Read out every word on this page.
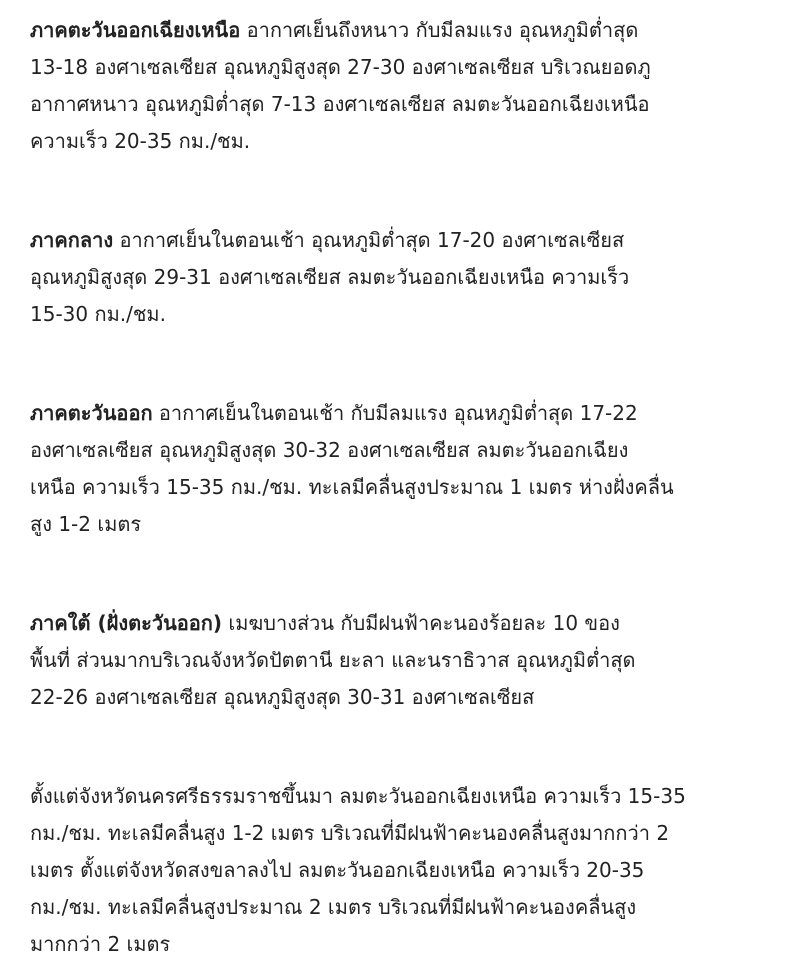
ภาคตะวันออกเฉียงเหนือ อากาศเย็นถึงหนาว กับมีลมแรง อุณหภูมิต่ำสุด
13-18 องศาเซลเซียส อุณหภูมิสูงสุด 27-30 องศาเซลเซียส บริเวณยอดภู
อากาศหนาว อุณหภูมิต่ำสุด 7-13 องศาเซลเซียส ลมตะวันออกเฉียงเหนือ
ความเร็ว 20-35 กม./ชม.

ภาคกลาง อากาศเย็นในตอนเช้า อุณหภูมิต่ำสุด 17-20 องศาเซลเซียส
อุณหภูมิสูงสุด 29-31 องศาเซลเซียส ลมตะวันออกเฉียงเหนือ ความเร็ว
15-30 กม./ชม.

ภาคตะวันออก อากาศเย็นในตอนเช้า กับมีลมแรง อุณหภูมิต่ำสุด 17-22
องศาเซลเซียส อุณหภูมิสูงสุด 30-32 องศาเซลเซียส ลมตะวันออกเฉียง
เหนือ ความเร็ว 15-35 กม./ชม. ทะเลมีคลื่นสูงประมาณ 1 เมตร ห่างฝั่งคลื่น
สูง 1-2 เมตร

ภาคใต้ (ฝั่งตะวันออก) เมฆบางส่วน กับมีฝนฟ้าคะนองร้อยละ 10 ของ
พื้นที่ ส่วนมากบริเวณจังหวัดปัตตานี ยะลา และนราธิวาส อุณหภูมิต่ำสุด
22-26 องศาเซลเซียส อุณหภูมิสูงสุด 30-31 องศาเซลเซียส

ตั้งแต่จังหวัดนครศรีธรรมราชขึ้นมา ลมตะวันออกเฉียงเหนือ ความเร็ว 15-35
กม./ชม. ทะเลมีคลื่นสูง 1-2 เมตร บริเวณที่มีฝนฟ้าคะนองคลื่นสูงมากกว่า 2
เมตร ตั้งแต่จังหวัดสงขลาลงไป ลมตะวันออกเฉียงเหนือ ความเร็ว 20-35
กม./ชม. ทะเลมีคลื่นสูงประมาณ 2 เมตร บริเวณที่มีฝนฟ้าคะนองคลื่นสูง
มากกว่า 2 เมตร
